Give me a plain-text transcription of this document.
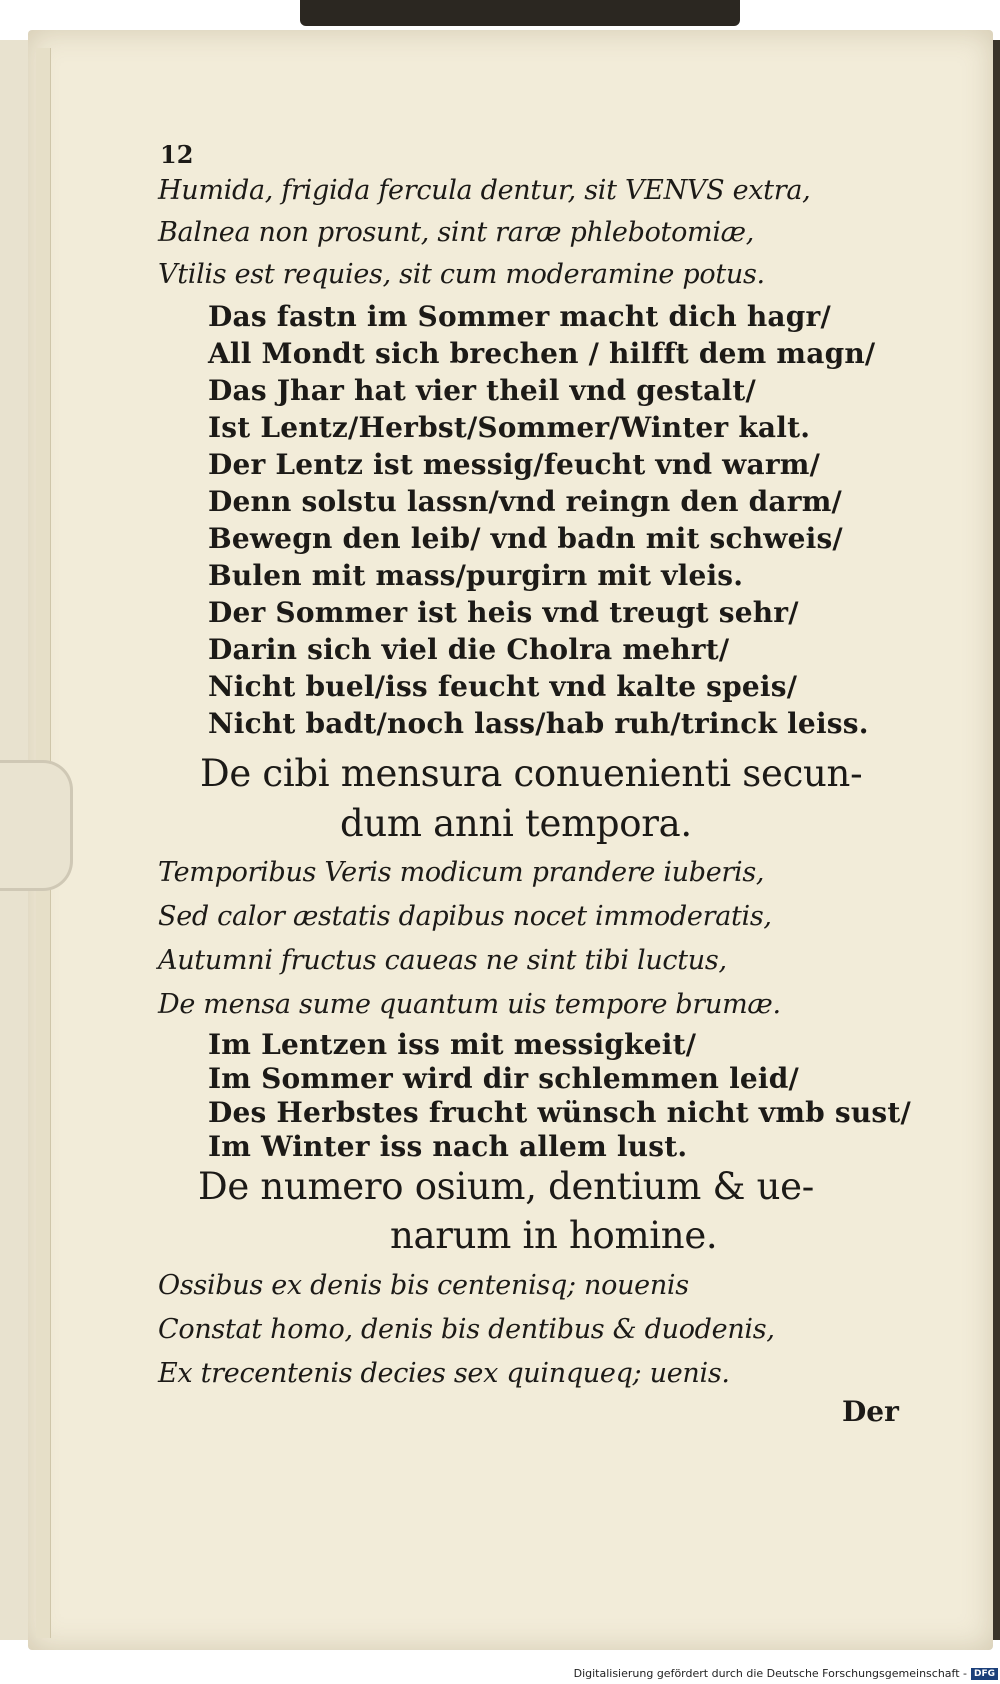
12
Humida, frigida fercula dentur, sit VENVS extra,
Balnea non prosunt, sint raræ phlebotomiæ,
Vtilis est requies, sit cum moderamine potus.
Das fastn im Sommer macht dich hagr/
All Mondt sich brechen / hilfft dem magn/
Das Jhar hat vier theil vnd gestalt/
Ist Lentz/Herbst/Sommer/Winter kalt.
Der Lentz ist messig/feucht vnd warm/
Denn solstu lassn/vnd reingn den darm/
Bewegn den leib/ vnd badn mit schweis/
Bulen mit mass/purgirn mit vleis.
Der Sommer ist heis vnd treugt sehr/
Darin sich viel die Cholra mehrt/
Nicht buel/iss feucht vnd kalte speis/
Nicht badt/noch lass/hab ruh/trinck leiss.
De cibi mensura conuenienti secun-
dum anni tempora.
Temporibus Veris modicum prandere iuberis,
Sed calor æstatis dapibus nocet immoderatis,
Autumni fructus caueas ne sint tibi luctus,
De mensa sume quantum uis tempore brumæ.
Im Lentzen iss mit messigkeit/
Im Sommer wird dir schlemmen leid/
Des Herbstes frucht wünsch nicht vmb sust/
Im Winter iss nach allem lust.
De numero osium, dentium & ue-
narum in homine.
Ossibus ex denis bis centenisq; nouenis
Constat homo, denis bis dentibus & duodenis,
Ex trecentenis decies sex quinqueq; uenis.
Der
Digitalisierung gefördert durch die Deutsche Forschungsgemeinschaft - DFG
